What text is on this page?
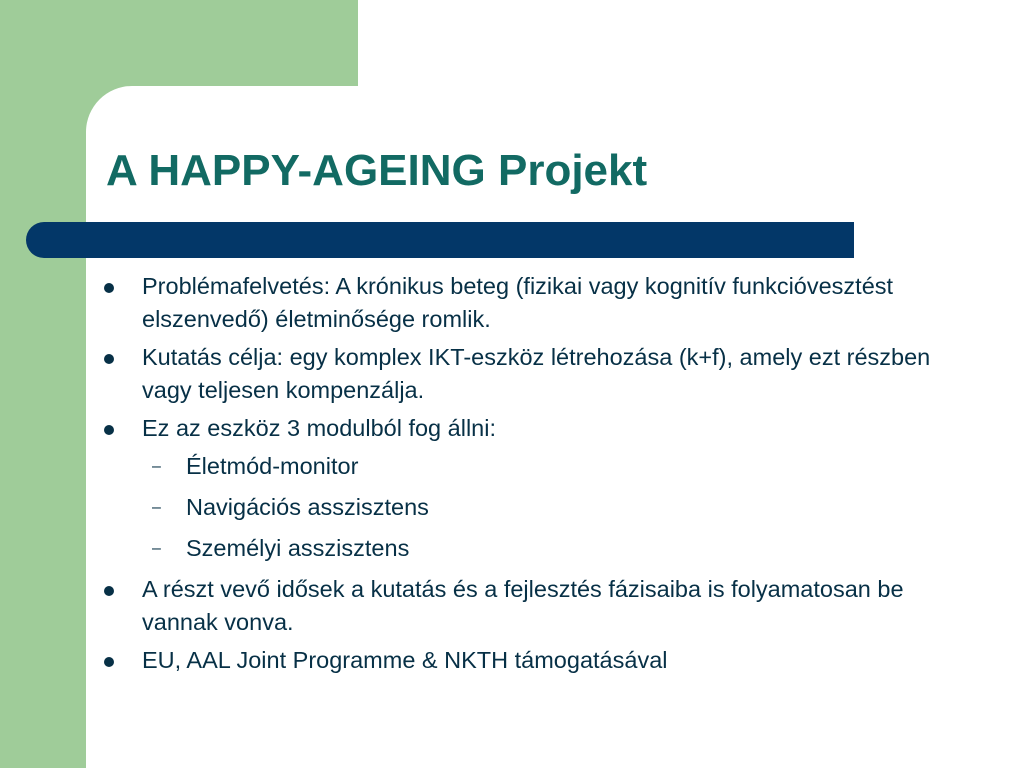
A HAPPY-AGEING Projekt
Problémafelvetés: A krónikus beteg (fizikai vagy kognitív funkcióvesztést elszenvedő) életminősége romlik.
Kutatás célja: egy komplex IKT-eszköz létrehozása (k+f), amely ezt részben vagy teljesen kompenzálja.
Ez az eszköz 3 modulból fog állni:
– Életmód-monitor
– Navigációs asszisztens
– Személyi asszisztens
A részt vevő idősek a kutatás és a fejlesztés fázisaiba is folyamatosan be vannak vonva.
EU, AAL Joint Programme & NKTH támogatásával
